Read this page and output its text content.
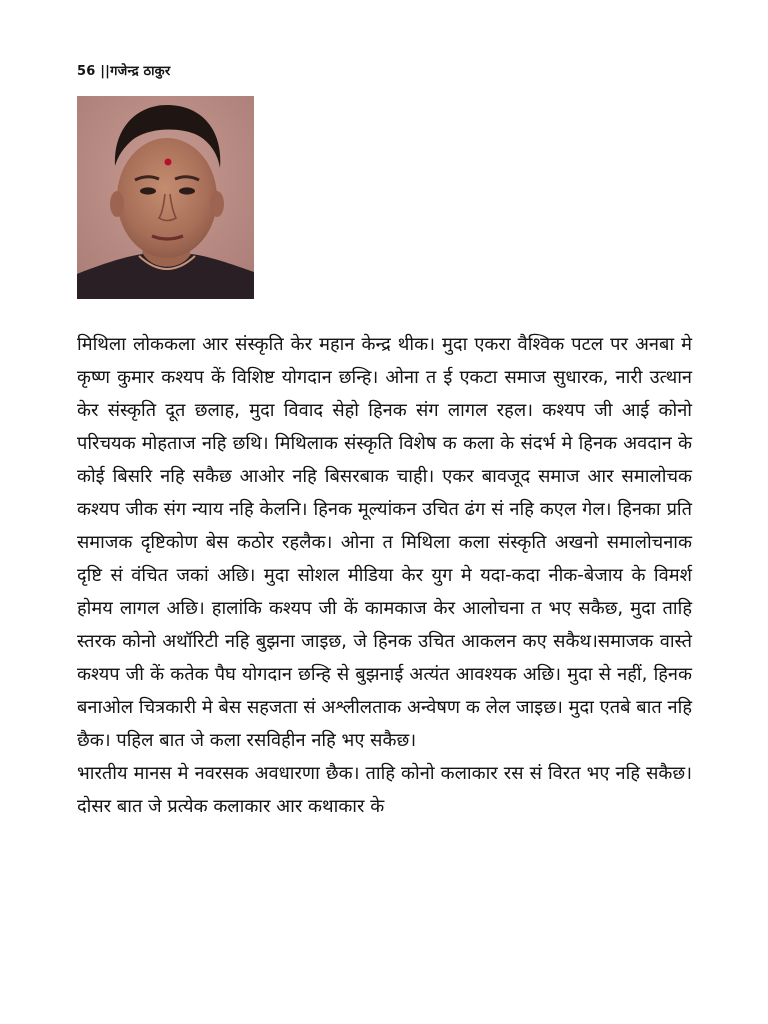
56 ||गजेन्द्र ठाकुर

मिथिला लोककला आर संस्कृति केर महान केन्द्र थीक। मुदा एकरा वैश्विक पटल पर अनबा मे कृष्ण कुमार कश्यप कें विशिष्ट योगदान छन्हि। ओना त ई एकटा समाज सुधारक, नारी उत्थान केर संस्कृति दूत छलाह, मुदा विवाद सेहो हिनक संग लागल रहल। कश्यप जी आई कोनो परिचयक मोहताज नहि छथि। मिथिलाक संस्कृति विशेष क कला के संदर्भ मे हिनक अवदान के कोई बिसरि नहि सकैछ आओर नहि बिसरबाक चाही। एकर बावजूद समाज आर समालोचक कश्यप जीक संग न्याय नहि केलनि। हिनक मूल्यांकन उचित ढंग सं नहि कएल गेल। हिनका प्रति समाजक दृष्टिकोण बेस कठोर रहलैक। ओना त मिथिला कला संस्कृति अखनो समालोचनाक दृष्टि सं वंचित जकां अछि। मुदा सोशल मीडिया केर युग मे यदा-कदा नीक-बेजाय के विमर्श होमय लागल अछि। हालांकि कश्यप जी कें कामकाज केर आलोचना त भए सकैछ, मुदा ताहि स्तरक कोनो अथॉरिटी नहि बुझना जाइछ, जे हिनक उचित आकलन कए सकैथ।समाजक वास्ते कश्यप जी कें कतेक पैघ योगदान छन्हि से बुझनाई अत्यंत आवश्यक अछि। मुदा से नहीं, हिनक बनाओल चित्रकारी मे बेस सहजता सं अश्लीलताक अन्वेषण क लेल जाइछ। मुदा एतबे बात नहि छैक। पहिल बात जे कला रसविहीन नहि भए सकैछ।

भारतीय मानस मे नवरसक अवधारणा छैक। ताहि कोनो कलाकार रस सं विरत भए नहि सकैछ। दोसर बात जे प्रत्येक कलाकार आर कथाकार के
